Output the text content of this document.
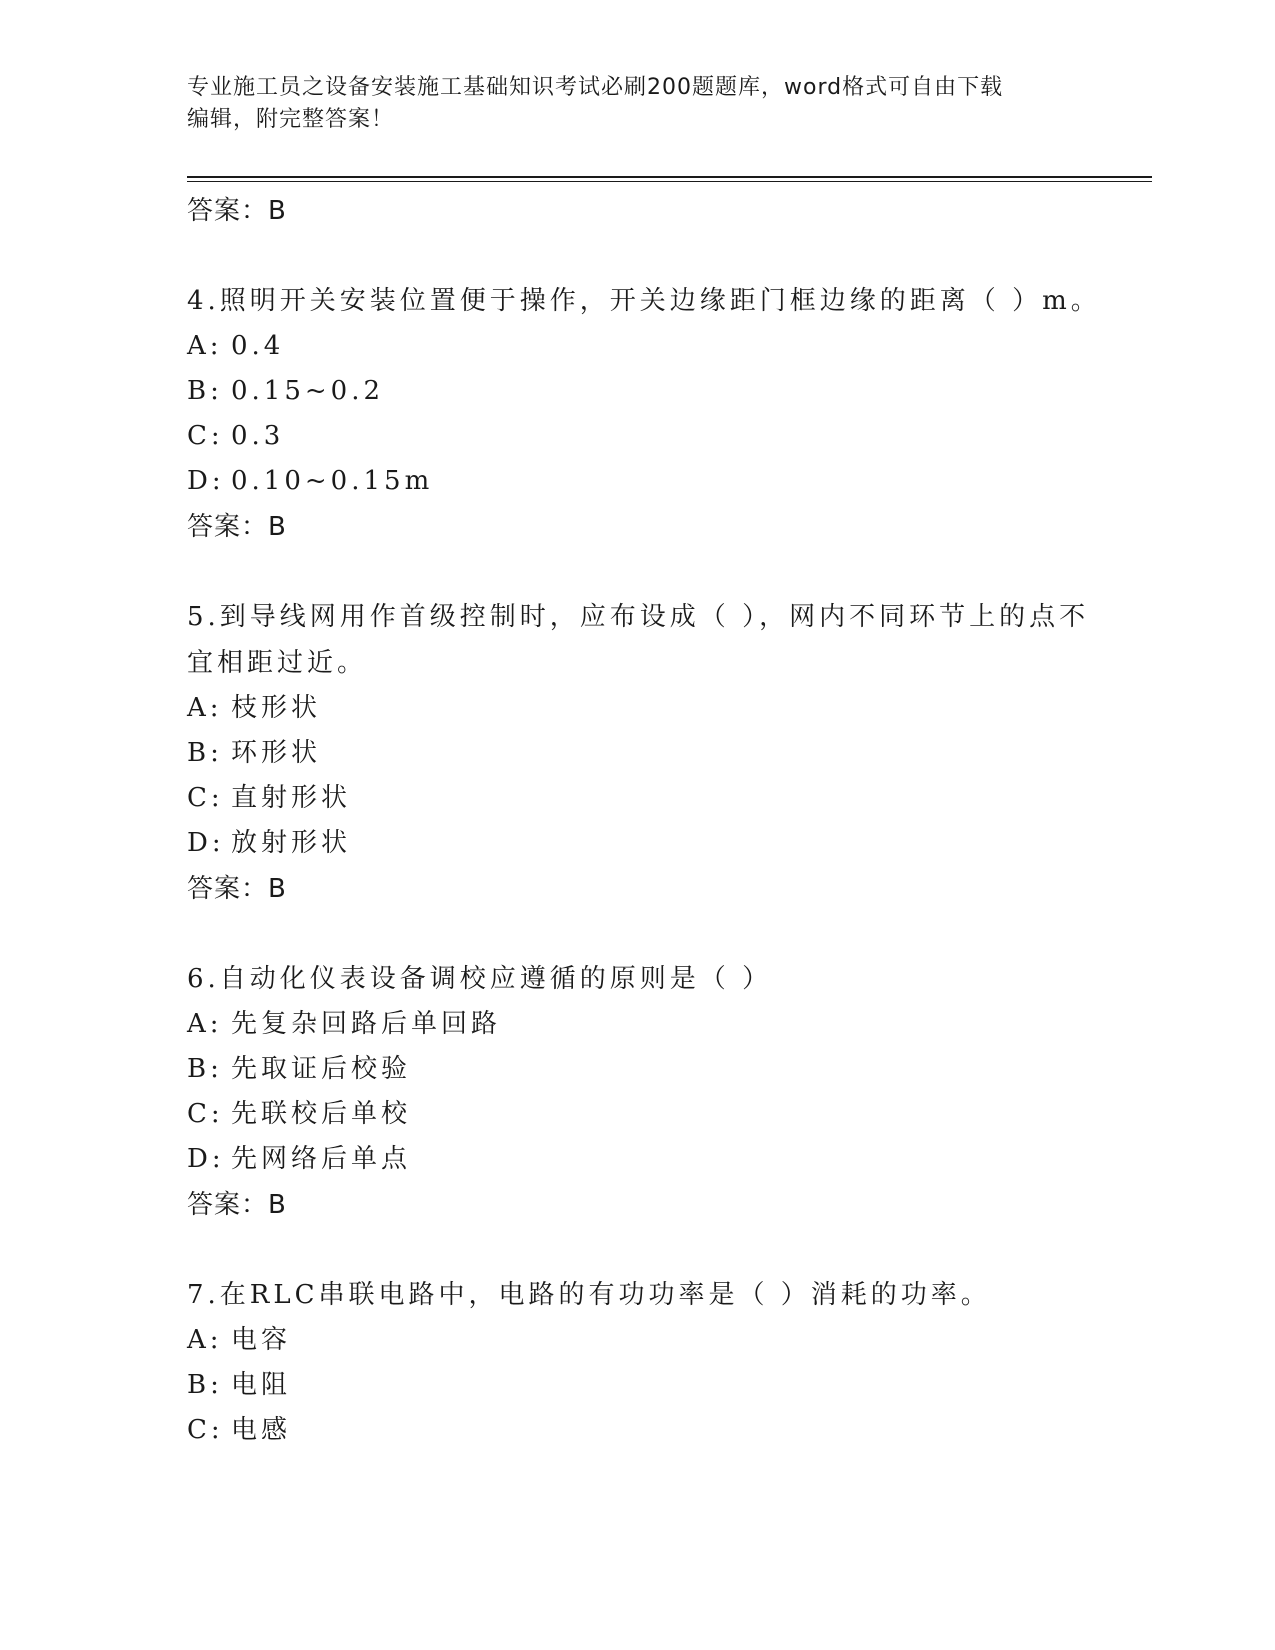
专业施工员之设备安装施工基础知识考试必刷200题题库，word格式可自由下载
编辑，附完整答案！
答案：B
4.照明开关安装位置便于操作，开关边缘距门框边缘的距离（ ）m。
A: 0.4
B: 0.15~0.2
C: 0.3
D: 0.10~0.15m
答案：B
5.到导线网用作首级控制时，应布设成（ ），网内不同环节上的点不
宜相距过近。
A: 枝形状
B: 环形状
C: 直射形状
D: 放射形状
答案：B
6.自动化仪表设备调校应遵循的原则是（ ）
A: 先复杂回路后单回路
B: 先取证后校验
C: 先联校后单校
D: 先网络后单点
答案：B
7.在RLC串联电路中，电路的有功功率是（ ）消耗的功率。
A: 电容
B: 电阻
C: 电感
